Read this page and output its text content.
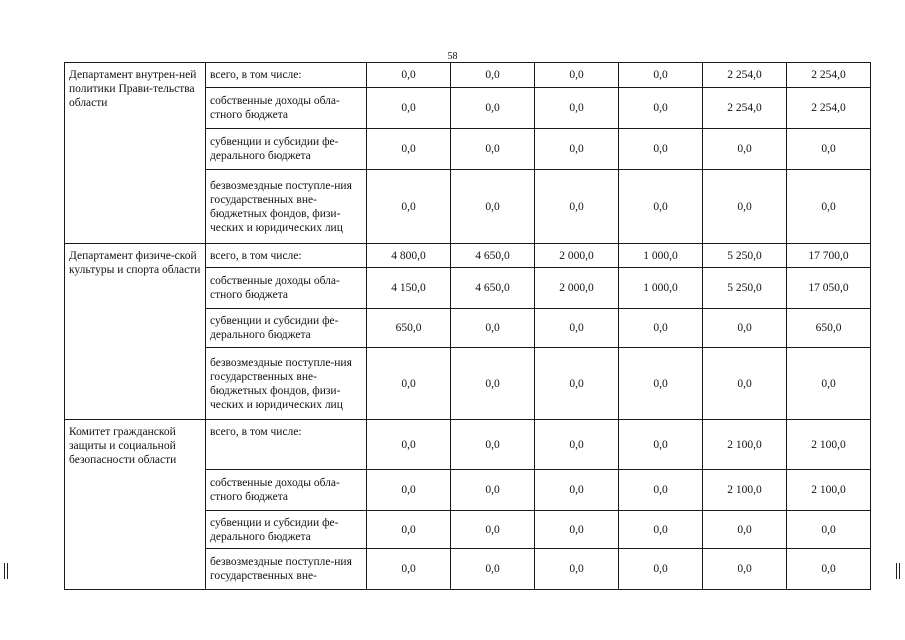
58
Департамент внутрен-ней политики Прави-тельства области	всего, в том числе:	0,0	0,0	0,0	0,0	2 254,0	2 254,0
	собственные доходы обла-стного бюджета	0,0	0,0	0,0	0,0	2 254,0	2 254,0
	субвенции и субсидии фе-дерального бюджета	0,0	0,0	0,0	0,0	0,0	0,0
	безвозмездные поступле-ния государственных вне-бюджетных фондов, физи-ческих и юридических лиц	0,0	0,0	0,0	0,0	0,0	0,0
Департамент физиче-ской культуры и спорта области	всего, в том числе:	4 800,0	4 650,0	2 000,0	1 000,0	5 250,0	17 700,0
	собственные доходы обла-стного бюджета	4 150,0	4 650,0	2 000,0	1 000,0	5 250,0	17 050,0
	субвенции и субсидии фе-дерального бюджета	650,0	0,0	0,0	0,0	0,0	650,0
	безвозмездные поступле-ния государственных вне-бюджетных фондов, физи-ческих и юридических лиц	0,0	0,0	0,0	0,0	0,0	0,0
Комитет гражданской защиты и социальной безопасности области	всего, в том числе:	0,0	0,0	0,0	0,0	2 100,0	2 100,0
	собственные доходы обла-стного бюджета	0,0	0,0	0,0	0,0	2 100,0	2 100,0
	субвенции и субсидии фе-дерального бюджета	0,0	0,0	0,0	0,0	0,0	0,0
	безвозмездные поступле-ния государственных вне-	0,0	0,0	0,0	0,0	0,0	0,0
